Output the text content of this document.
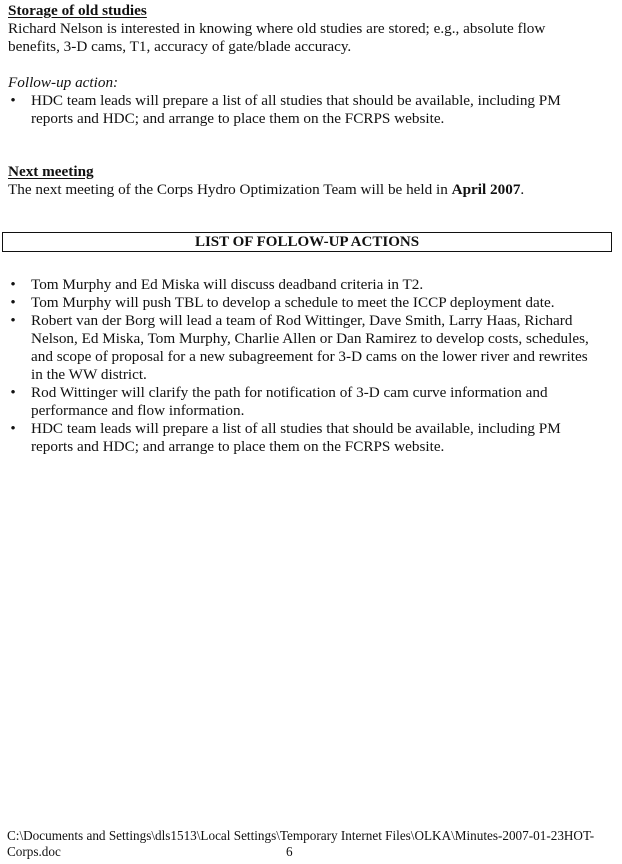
Storage of old studies
Richard Nelson is interested in knowing where old studies are stored; e.g., absolute flow
benefits, 3-D cams, T1, accuracy of gate/blade accuracy.
Follow-up action:
• HDC team leads will prepare a list of all studies that should be available, including PM
reports and HDC; and arrange to place them on the FCRPS website.
Next meeting
The next meeting of the Corps Hydro Optimization Team will be held in April 2007.
LIST OF FOLLOW-UP ACTIONS
• Tom Murphy and Ed Miska will discuss deadband criteria in T2.
• Tom Murphy will push TBL to develop a schedule to meet the ICCP deployment date.
• Robert van der Borg will lead a team of Rod Wittinger, Dave Smith, Larry Haas, Richard
Nelson, Ed Miska, Tom Murphy, Charlie Allen or Dan Ramirez to develop costs, schedules,
and scope of proposal for a new subagreement for 3-D cams on the lower river and rewrites
in the WW district.
• Rod Wittinger will clarify the path for notification of 3-D cam curve information and
performance and flow information.
• HDC team leads will prepare a list of all studies that should be available, including PM
reports and HDC; and arrange to place them on the FCRPS website.
C:\Documents and Settings\dls1513\Local Settings\Temporary Internet Files\OLKA\Minutes-2007-01-23HOT-
Corps.doc	6
